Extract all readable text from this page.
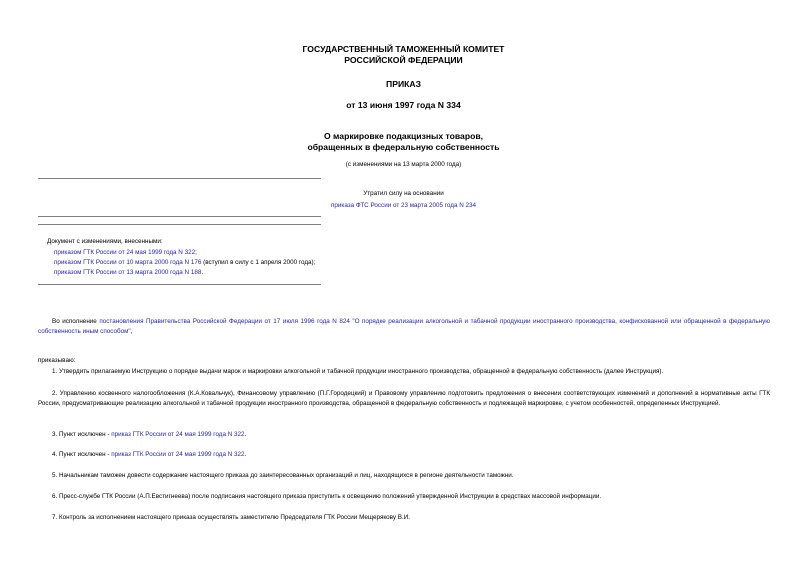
ГОСУДАРСТВЕННЫЙ ТАМОЖЕННЫЙ КОМИТЕТ
РОССИЙСКОЙ ФЕДЕРАЦИИ
ПРИКАЗ
от 13 июня 1997 года N 334
О маркировке подакцизных товаров,
обращенных в федеральную собственность
(с изменениями на 13 марта 2000 года)
Утратил силу на основании
приказа ФТС России от 23 марта 2005 года N 234
Документ с изменениями, внесенными:
приказом ГТК России от 24 мая 1999 года N 322;
приказом ГТК России от 10 марта 2000 года N 176 (вступил в силу с 1 апреля 2000 года);
приказом ГТК России от 13 марта 2000 года N 188.
Во исполнение постановления Правительства Российской Федерации от 17 июля 1996 года N 824 "О порядке реализации алкогольной и табачной продукции иностранного производства, конфискованной или обращенной в федеральную собственность иным способом",
приказываю:
1. Утвердить прилагаемую Инструкцию о порядке выдачи марок и маркировки алкогольной и табачной продукции иностранного производства, обращенной в федеральную собственность (далее Инструкция).
2. Управлению косвенного налогообложения (К.А.Ковальчук), Финансовому управлению (П.Г.Городецкий) и Правовому управлению подготовить предложения о внесении соответствующих изменений и дополнений в нормативные акты ГТК России, предусматривающие реализацию алкогольной и табачной продукции иностранного производства, обращенной в федеральную собственность и подлежащей маркировке, с учетом особенностей, определенных Инструкцией.
3. Пункт исключен - приказ ГТК России от 24 мая 1999 года N 322.
4. Пункт исключен - приказ ГТК России от 24 мая 1999 года N 322.
5. Начальникам таможен довести содержание настоящего приказа до заинтересованных организаций и лиц, находящихся в регионе деятельности таможни.
6. Пресс-службе ГТК России (А.П.Евстигнеева) после подписания настоящего приказа приступить к освещению положений утвержденной Инструкции в средствах массовой информации.
7. Контроль за исполнением настоящего приказа осуществлять заместителю Председателя ГТК России Мещерякову В.И.
